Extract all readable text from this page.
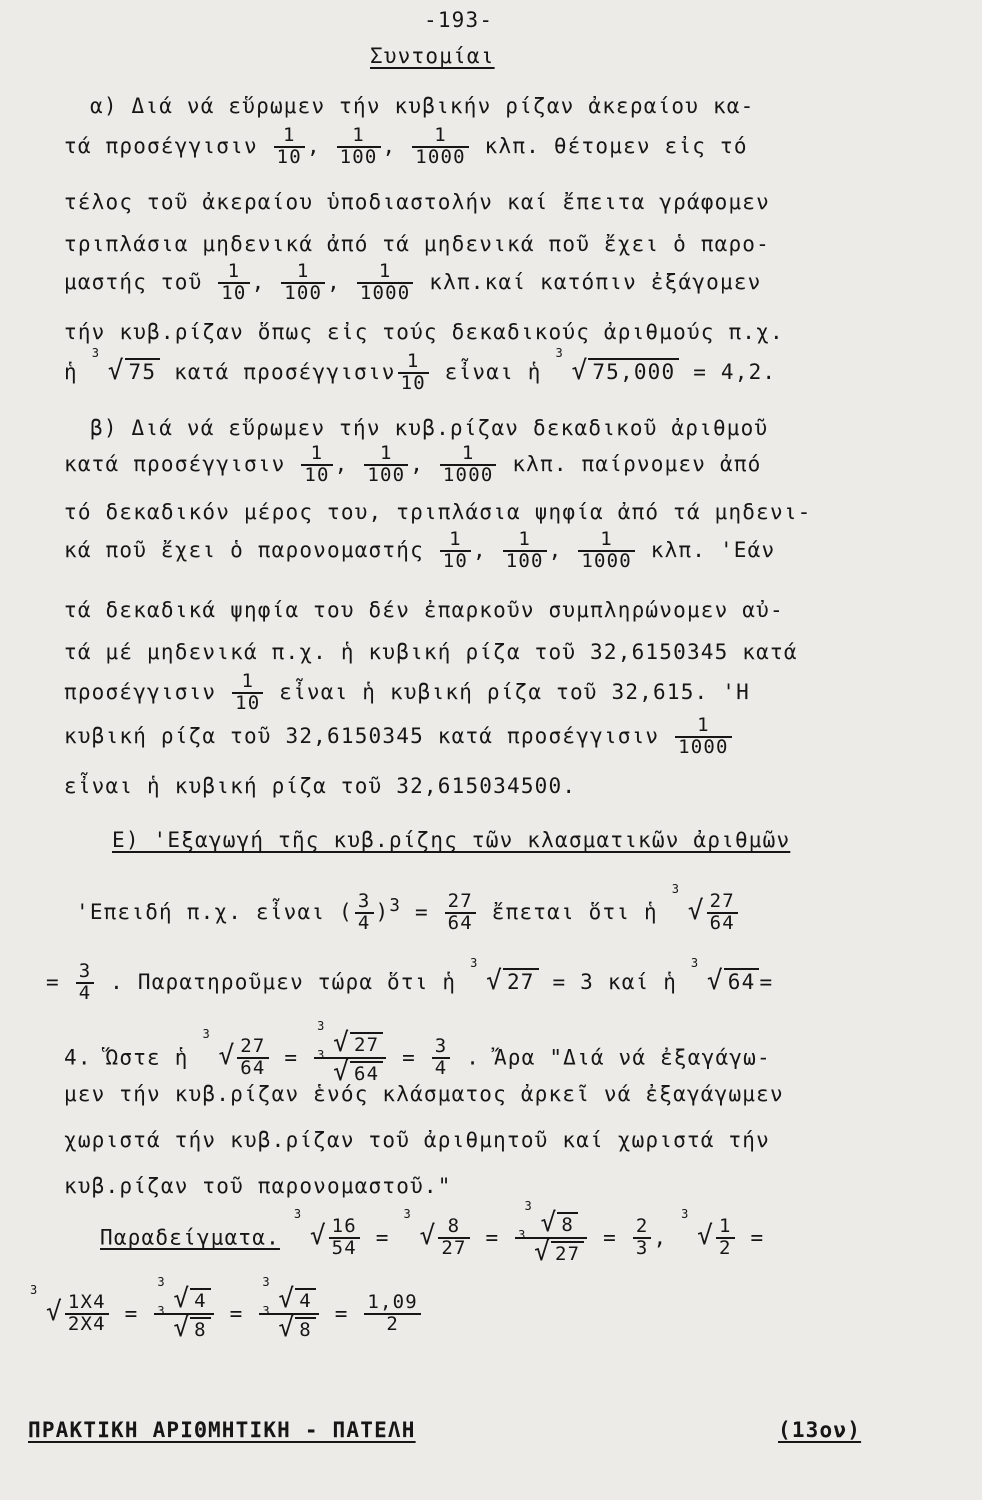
-193-
Συντομίαι
α) Διά νά εὕρωμεν τήν κυβικήν ρίζαν ἀκεραίου κα-
τά προσέγγισιν $\frac{1}{10}$ , $\frac{1}{100}$ , $\frac{1}{1000} \kappa\lambda\pi$. θέτομεν εἰς τό
τέλος τοῦ ἀκεραίου ὑποδιαστολήν καί ἔπειτα γράφομεν
τριπλάσια μηδενικά ἀπό τά μηδενικά ποῦ ἔχει ὁ παρο-
μαστής τοῦ $\frac{1}{10}$ , $\frac{1}{100}$ , $\frac{1}{1000} \kappa\lambda\pi.\kappa\alpha ί$ κατόπιν ἐξάγομεν
τήν κυβ.ρίζαν ὅπως εἰς τούς δεκαδικούς ἀριθμούς π.χ.
ἡ
3
√ 75 κατά προσέγγισιν $\frac{1}{10}$ εἶναι ἡ
3
√ 75,000 = 4,2.
β) Διά νά εὕρωμεν τήν κυβ.ρίζαν δεκαδικοῦ ἀριθμοῦ
κατά προσέγγισιν $\frac{1}{10}$ , $\frac{1}{100}$ , $\frac{1}{1000} \kappa\lambda\pi$. παίρνομεν ἀπό
τό δεκαδικόν μέρος του, τριπλάσια ψηφία ἀπό τά μηδενι-
κά ποῦ ἔχει ὁ παρονομαστής $\frac{1}{10}$ , $\frac{1}{100}$ , $\frac{1}{1000} \kappa\lambda\pi$. 'Εάν
τά δεκαδικά ψηφία του δέν ἐπαρκοῦν συμπληρώνομεν αὐ-
τά μέ μηδενικά π.χ. ἡ κυβική ρίζα τοῦ 32,6150345 κατά
προσέγγισιν $\frac{1}{10}$ εἶναι ἡ κυβική ρίζα τοῦ 32,615. 'Η
κυβική ρίζα τοῦ 32,6150345 κατά προσέγγισιν $\frac{1}{1000}$
εἶναι ἡ κυβική ρίζα τοῦ 32,615034500.
Ε) 'Εξαγωγή τῆς κυβ.ρίζης τῶν κλασματικῶν ἀριθμῶν
'Επειδή π.χ. εἶναι ( $\frac{3}{4} )^3 = \frac{27}{64}$ ἔπεται ὅτι ἡ
3
√ $\frac{27}{64}$
= $\frac{3}{4}$ . Παρατηροῦμεν τώρα ὅτι ἡ
3
√ 27 = 3 καί ἡ
3
√ 64 =
4. Ὥστε ἡ
3
√ $\frac{27}{64} = 3$
√ 27
3
√ $64 = \frac{3}{4}$ . Ἄρα "Διά νά ἐξαγάγω-
μεν τήν κυβ.ρίζαν ἑνός κλάσματος ἀρκεῖ νά ἐξαγάγωμεν
χωριστά τήν κυβ.ρίζαν τοῦ ἀριθμητοῦ καί χωριστά τήν
κυβ.ρίζαν τοῦ παρονομαστοῦ."
Παραδείγματα.
3
√ $\frac{16}{54}$ =
3
√ $\frac{8}{27} = 3$
√ 8
3
√ $27 = \frac{2}{3}$ ,
3
√ $\frac{1}{2}$ =
3
√ $\frac{1X4}{2X4} = 3$
√ 4
3
√ 8 = 3
√ 4
3
√ $8 = \frac{1,09}{2}$
ΠΡΑΚΤΙΚΗ ΑΡΙΘΜΗΤΙΚΗ - ΠΑΤΕΛΗ	(13ον)
